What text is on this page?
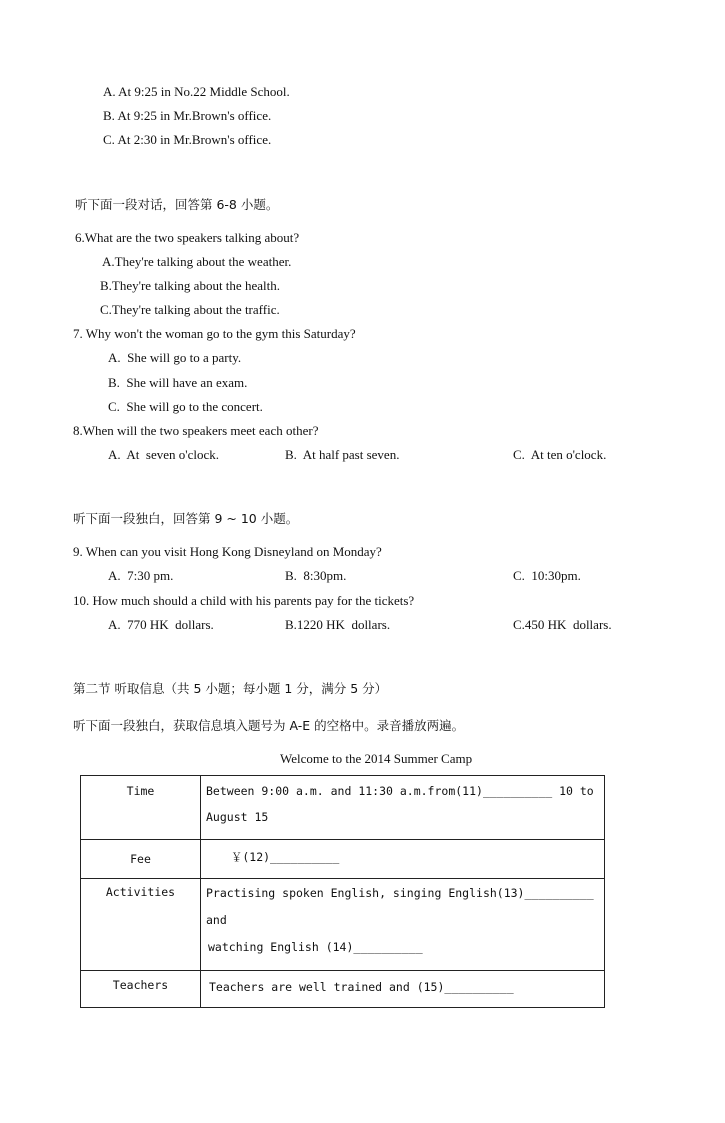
A. At 9:25 in No.22 Middle School.
B. At 9:25 in Mr.Brown's office.
C. At 2:30 in Mr.Brown's office.
听下面一段对话，回答第 6-8 小题。
6.What are the two speakers talking about?
A.They're talking about the weather.
B.They're talking about the health.
C.They're talking about the traffic.
7. Why won't the woman go to the gym this Saturday?
A.  She will go to a party.
B.  She will have an exam.
C.  She will go to the concert.
8.When will the two speakers meet each other?
A.  At  seven o'clock.	B.  At half past seven.	C.  At ten o'clock.
听下面一段独白，回答第 9 ~ 10 小题。
9. When can you visit Hong Kong Disneyland on Monday?
A.  7:30 pm.	B.  8:30pm.	C.  10:30pm.
10. How much should a child with his parents pay for the tickets?
A.  770 HK  dollars.	B.1220 HK  dollars.	C.450 HK  dollars.
第二节 听取信息（共 5 小题；每小题 1 分，满分 5 分）
听下面一段独白，获取信息填入题号为 A-E 的空格中。录音播放两遍。
Welcome to the 2014 Summer Camp
Time	Between 9:00 a.m. and 11:30 a.m.from(11)__________ 10 to
August 15

Fee	￥(12)__________

Activities	Practising spoken English, singing English(13)__________
and
watching English (14)__________

Teachers	Teachers are well trained and (15)__________
